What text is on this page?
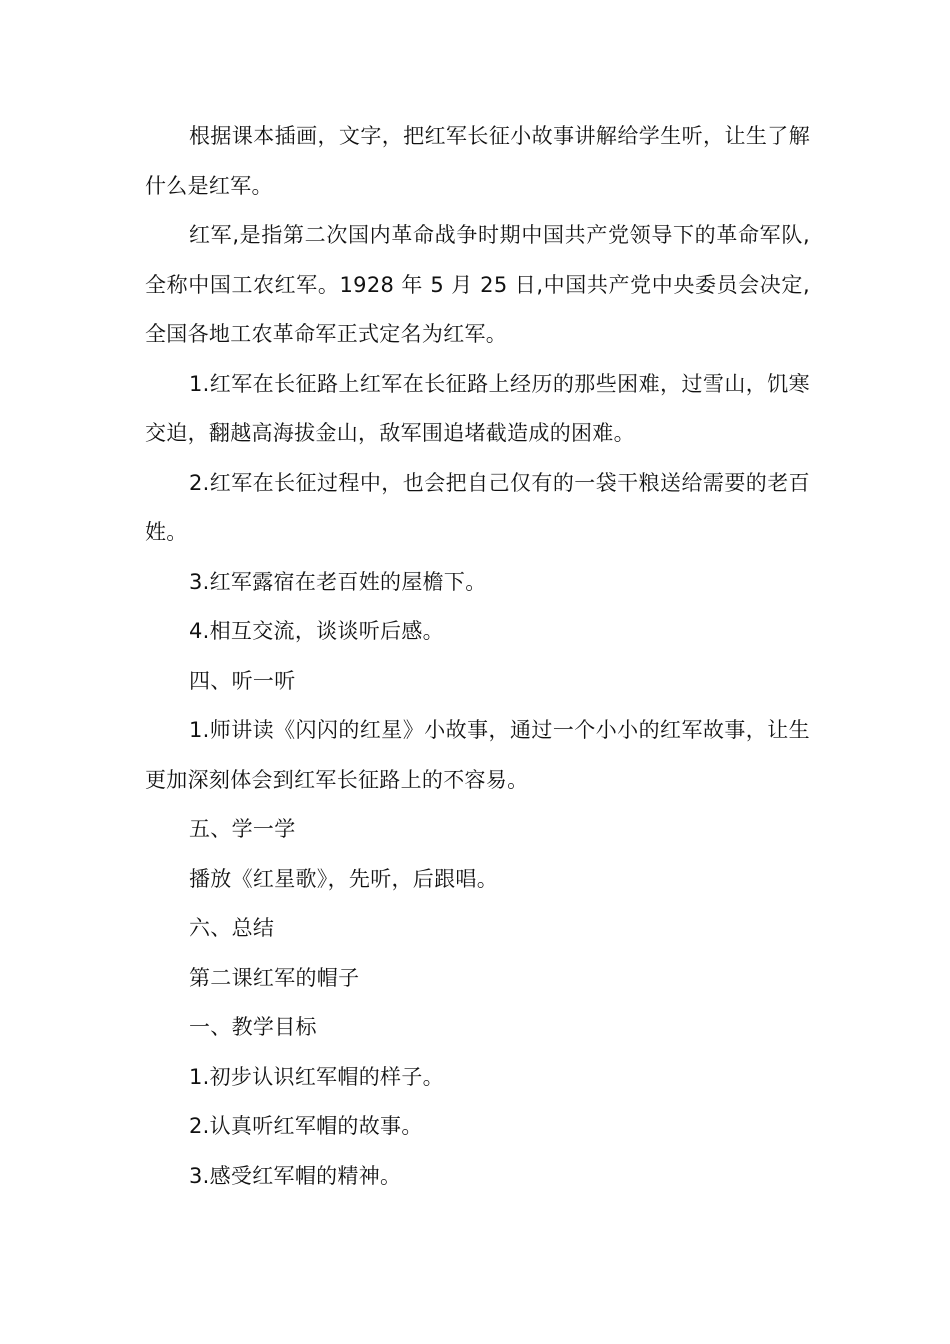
根据课本插画，文字，把红军长征小故事讲解给学生听，让生了解什么是红军。

红军,是指第二次国内革命战争时期中国共产党领导下的革命军队,全称中国工农红军。1928 年 5 月 25 日,中国共产党中央委员会决定,全国各地工农革命军正式定名为红军。

1.红军在长征路上红军在长征路上经历的那些困难，过雪山，饥寒交迫，翻越高海拔金山，敌军围追堵截造成的困难。

2.红军在长征过程中，也会把自己仅有的一袋干粮送给需要的老百姓。

3.红军露宿在老百姓的屋檐下。

4.相互交流，谈谈听后感。

四、听一听

1.师讲读《闪闪的红星》小故事，通过一个小小的红军故事，让生更加深刻体会到红军长征路上的不容易。

五、学一学

播放《红星歌》，先听，后跟唱。

六、总结

第二课红军的帽子

一、教学目标

1.初步认识红军帽的样子。

2.认真听红军帽的故事。

3.感受红军帽的精神。
